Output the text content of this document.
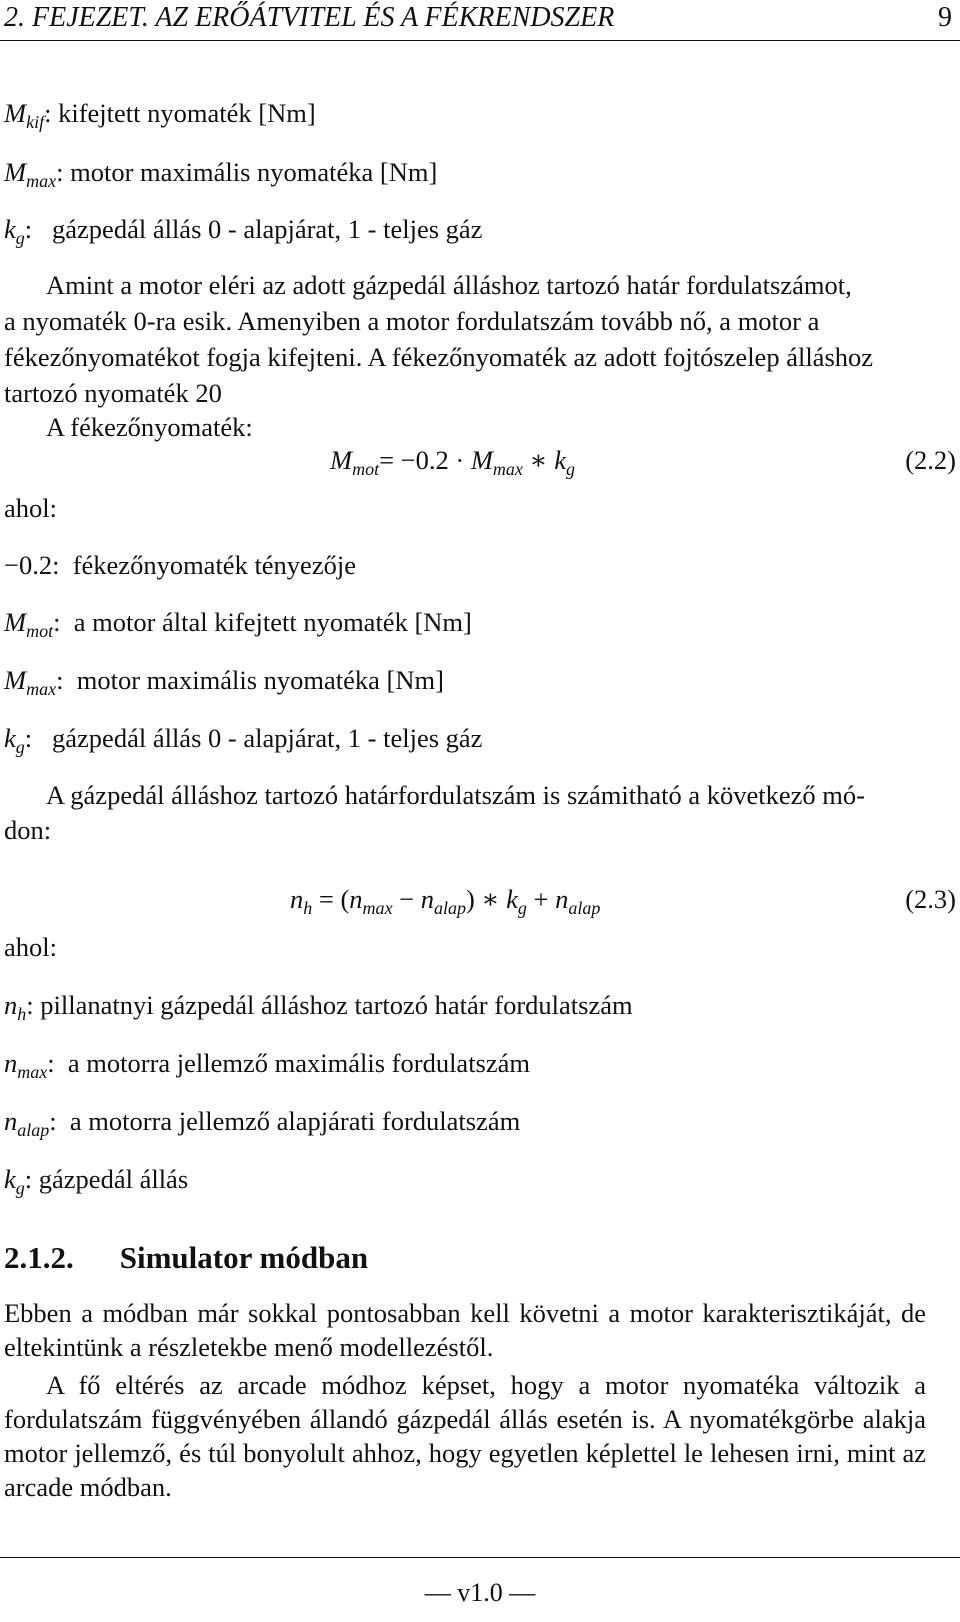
2. FEJEZET. AZ ERŐÁTVITEL ÉS A FÉKRENDSZER	9
$M_{kif}$: kifejtett nyomaték [Nm]
$M_{max}$: motor maximális nyomatéka [Nm]
$k_g$:   gázpedál állás 0 - alapjárat, 1 - teljes gáz
Amint a motor eléri az adott gázpedál álláshoz tartozó határ fordulatszámot,
a nyomaték 0-ra esik. Amenyiben a motor fordulatszám tovább nő, a motor a
fékezőnyomatékot fogja kifejteni. A fékezőnyomaték az adott fojtószelep álláshoz
tartozó nyomaték 20
A fékezőnyomaték:
$M_{mot}= -0.2 \cdot M_{max}$ ∗ $k_g$	(2.2)
ahol:
−0.2:  fékezőnyomaték tényezője
$M_{mot}$:  a motor által kifejtett nyomaték [Nm]
$M_{max}$:  motor maximális nyomatéka [Nm]
$k_g$:   gázpedál állás 0 - alapjárat, 1 - teljes gáz
A gázpedál álláshoz tartozó határfordulatszám is számitható a következő mó-
don:
$n_h = (n_{max} - n_{alap})$ ∗ $k_g + n_{alap}$	(2.3)
ahol:
$n_h$: pillanatnyi gázpedál álláshoz tartozó határ fordulatszám
$n_{max}$:  a motorra jellemző maximális fordulatszám
$n_{alap}$:  a motorra jellemző alapjárati fordulatszám
$k_g$: gázpedál állás
2.1.2. Simulator módban
Ebben a módban már sokkal pontosabban kell követni a motor karakterisztikáját, de eltekintünk a részletekbe menő modellezéstől.
A fő eltérés az arcade módhoz képset, hogy a motor nyomatéka változik a fordulatszám függvényében állandó gázpedál állás esetén is. A nyomatékgörbe alakja motor jellemző, és túl bonyolult ahhoz, hogy egyetlen képlettel le lehesen irni, mint az arcade módban.
— v1.0 —
